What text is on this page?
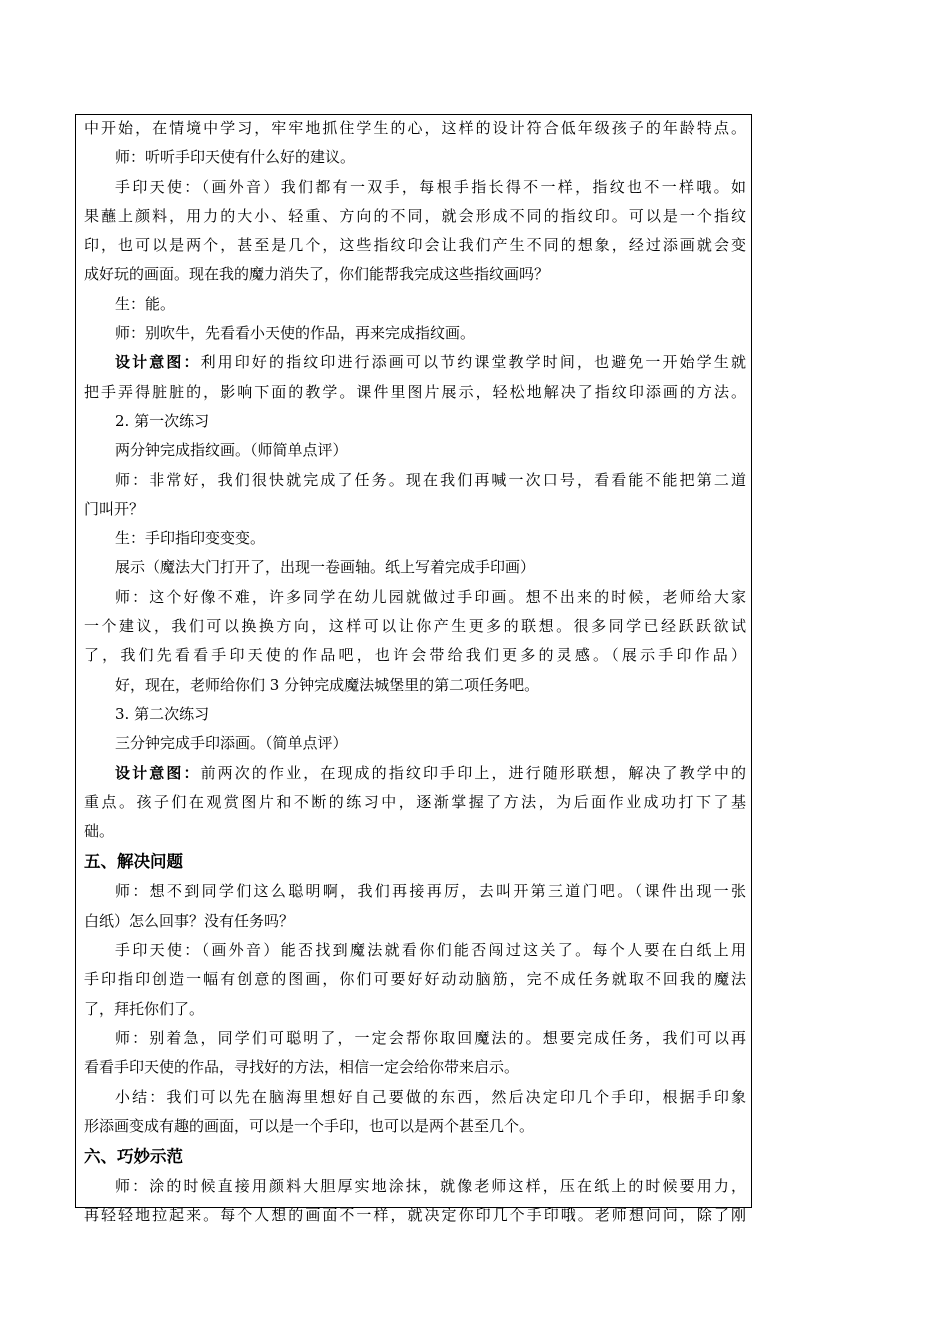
中开始，在情境中学习，牢牢地抓住学生的心，这样的设计符合低年级孩子的年龄特点。
师：听听手印天使有什么好的建议。
手印天使：（画外音）我们都有一双手，每根手指长得不一样，指纹也不一样哦。如
果蘸上颜料，用力的大小、轻重、方向的不同，就会形成不同的指纹印。可以是一个指纹
印，也可以是两个，甚至是几个，这些指纹印会让我们产生不同的想象，经过添画就会变
成好玩的画面。现在我的魔力消失了，你们能帮我完成这些指纹画吗？
生：能。
师：别吹牛，先看看小天使的作品，再来完成指纹画。
设计意图：利用印好的指纹印进行添画可以节约课堂教学时间，也避免一开始学生就
把手弄得脏脏的，影响下面的教学。课件里图片展示，轻松地解决了指纹印添画的方法。
2. 第一次练习
两分钟完成指纹画。（师简单点评）
师：非常好，我们很快就完成了任务。现在我们再喊一次口号，看看能不能把第二道
门叫开？
生：手印指印变变变。
展示（魔法大门打开了，出现一卷画轴。纸上写着完成手印画）
师：这个好像不难，许多同学在幼儿园就做过手印画。想不出来的时候，老师给大家
一个建议，我们可以换换方向，这样可以让你产生更多的联想。很多同学已经跃跃欲试
了，我们先看看手印天使的作品吧，也许会带给我们更多的灵感。（展示手印作品）
好，现在，老师给你们 3 分钟完成魔法城堡里的第二项任务吧。
3. 第二次练习
三分钟完成手印添画。（简单点评）
设计意图：前两次的作业，在现成的指纹印手印上，进行随形联想，解决了教学中的
重点。孩子们在观赏图片和不断的练习中，逐渐掌握了方法，为后面作业成功打下了基
础。
五、解决问题
师：想不到同学们这么聪明啊，我们再接再厉，去叫开第三道门吧。（课件出现一张
白纸）怎么回事？没有任务吗？
手印天使：（画外音）能否找到魔法就看你们能否闯过这关了。每个人要在白纸上用
手印指印创造一幅有创意的图画，你们可要好好动动脑筋，完不成任务就取不回我的魔法
了，拜托你们了。
师：别着急，同学们可聪明了，一定会帮你取回魔法的。想要完成任务，我们可以再
看看手印天使的作品，寻找好的方法，相信一定会给你带来启示。
小结：我们可以先在脑海里想好自己要做的东西，然后决定印几个手印，根据手印象
形添画变成有趣的画面，可以是一个手印，也可以是两个甚至几个。
六、巧妙示范
师：涂的时候直接用颜料大胆厚实地涂抹，就像老师这样，压在纸上的时候要用力，
再轻轻地拉起来。每个人想的画面不一样，就决定你印几个手印哦。老师想问问，除了刚
